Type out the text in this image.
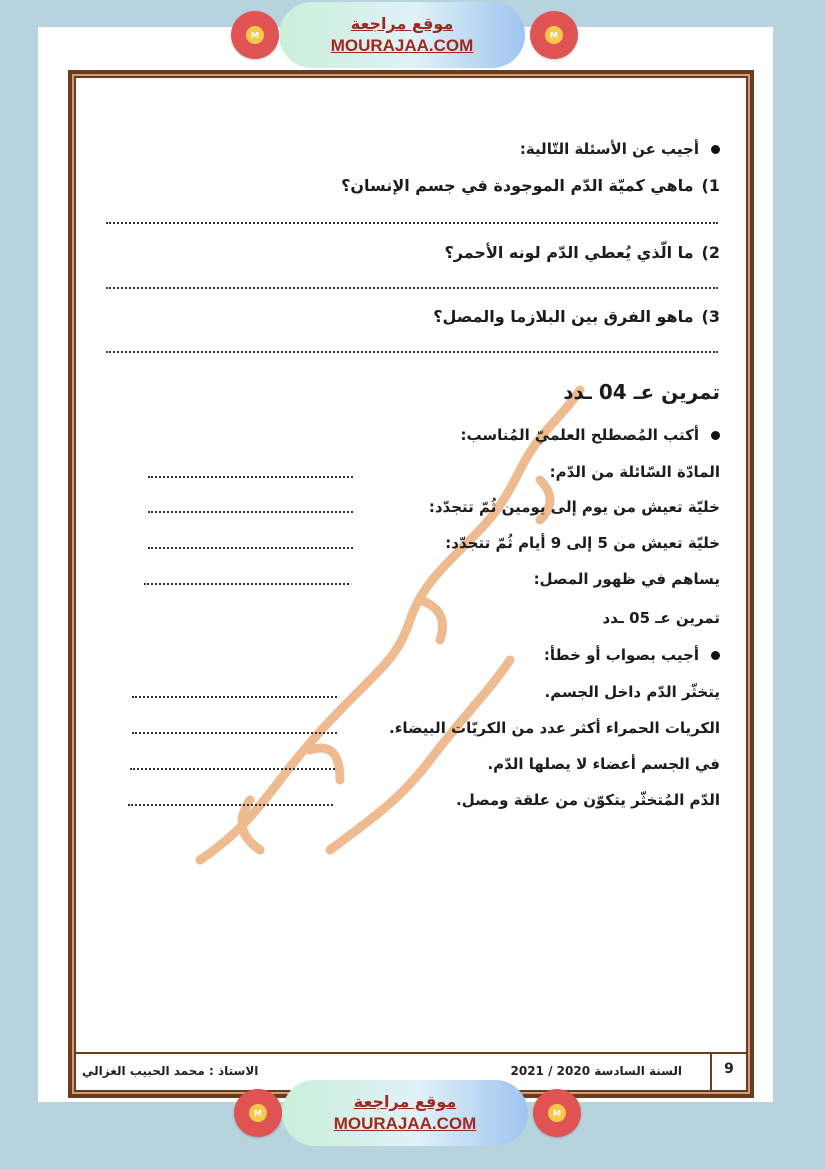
M
موقع مراجعة
MOURAJAA.COM
M
أجيب عن الأسئلة التّالية:
1)ماهي كميّة الدّم الموجودة في جسم الإنسان؟
2)ما الّذي يُعطي الدّم لونه الأحمر؟
3)ماهو الفرق بين البلازما والمصل؟
تمرين عـ 04 ـدد
أكتب المُصطلح العلميّ المُناسب:
المادّة السّائلة من الدّم:
خليّة تعيش من يوم إلى يومين ثُمّ تتجدّد:
خليّة تعيش من 5 إلى 9 أيام ثُمّ تتجدّد:
يساهم في ظهور المصل:
تمرين عـ 05 ـدد
أجيب بصواب أو خطأ:
يتخثّر الدّم داخل الجسم.
الكريات الحمراء أكثر عدد من الكريّات البيضاء.
في الجسم أعضاء لا يصلها الدّم.
الدّم المُتخثّر يتكوّن من علقة ومصل.
9
السنة السادسة 2020 / 2021
الاستاذ : محمد الحبيب الغزالي
M
موقع مراجعة
MOURAJAA.COM
M
